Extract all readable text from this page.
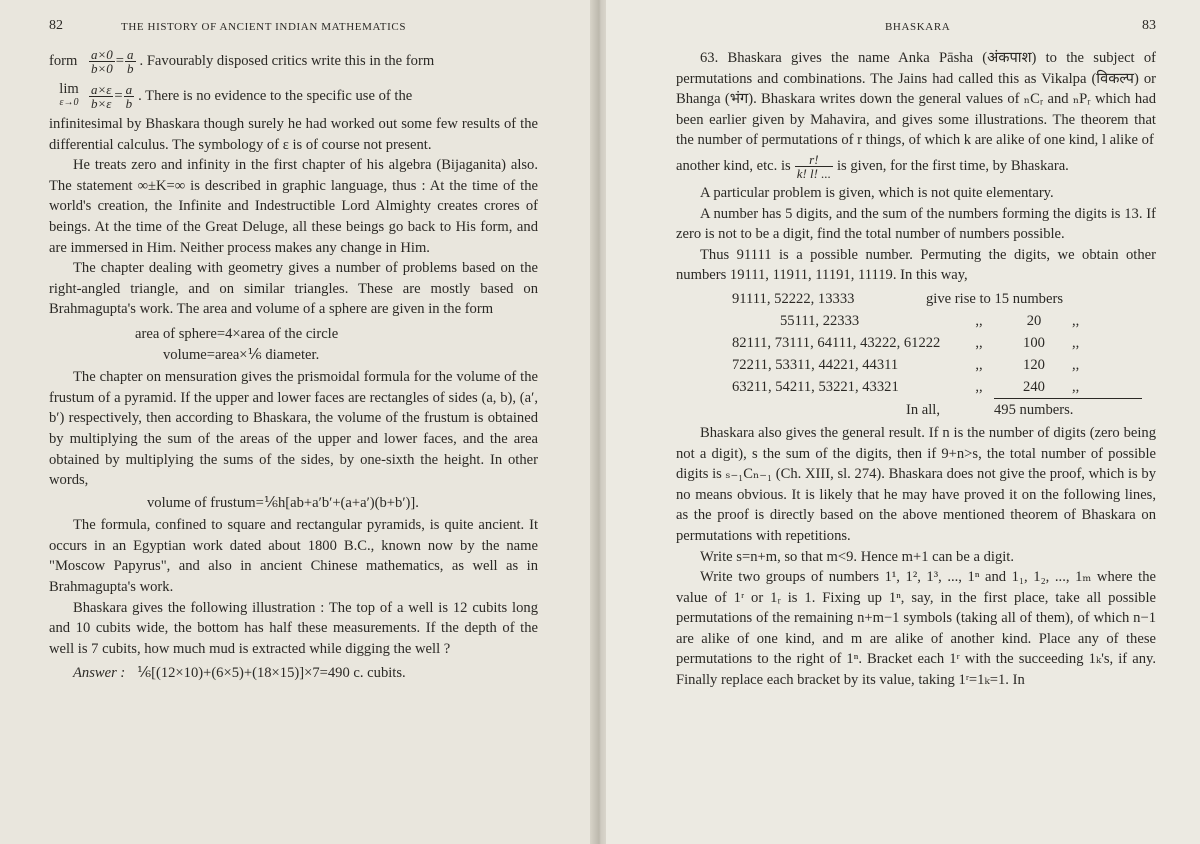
82	THE HISTORY OF ANCIENT INDIAN MATHEMATICS
form $\frac{a\times 0}{b\times 0} = \frac{a}{b}$ . Favourably disposed critics write this in the form
lim
$\varepsilon\to 0 \frac{a\times\varepsilon}{b\times\varepsilon} = \frac{a}{b}$ . There is no evidence to the specific use of the

infinitesimal by Bhaskara though surely he had worked out some few results of the differential calculus. The symbology of ε is of course not present.

He treats zero and infinity in the first chapter of his algebra (Bijaganita) also. The statement ∞±K=∞ is described in graphic language, thus : At the time of the world's creation, the Infinite and Indestructible Lord Almighty creates crores of beings. At the time of the Great Deluge, all these beings go back to His form, and are immersed in Him. Neither process makes any change in Him.

The chapter dealing with geometry gives a number of problems based on the right-angled triangle, and on similar triangles. These are mostly based on Brahmagupta's work. The area and volume of a sphere are given in the form

area of sphere=4×area of the circle
volume=area×⅙ diameter.

The chapter on mensuration gives the prismoidal formula for the volume of the frustum of a pyramid. If the upper and lower faces are rectangles of sides (a, b), (a′, b′) respectively, then according to Bhaskara, the volume of the frustum is obtained by multiplying the sum of the areas of the upper and lower faces, and the area obtained by multiplying the sums of the sides, by one-sixth the height. In other words,

volume of frustum=⅙h[ab+a′b′+(a+a′)(b+b′)].

The formula, confined to square and rectangular pyramids, is quite ancient. It occurs in an Egyptian work dated about 1800 B.C., known now by the name "Moscow Papyrus", and also in ancient Chinese mathematics, as well as in Brahmagupta's work.

Bhaskara gives the following illustration : The top of a well is 12 cubits long and 10 cubits wide, the bottom has half these measurements. If the depth of the well is 7 cubits, how much mud is extracted while digging the well ?

Answer : ⅙[(12×10)+(6×5)+(18×15)]×7=490 c. cubits.
BHASKARA	83

63. Bhaskara gives the name Anka Pāsha (अंकपाश) to the subject of permutations and combinations. The Jains had called this as Vikalpa (विकल्प) or Bhanga (भंग). Bhaskara writes down the general values of ₙCᵣ and ₙPᵣ which had been earlier given by Mahavira, and gives some illustrations. The theorem that the number of permutations of r things, of which k are alike of one kind, l alike of

another kind, etc. is $\frac{r!}{k! l! ...}$ is given, for the first time, by Bhaskara.

A particular problem is given, which is not quite elementary.

A number has 5 digits, and the sum of the numbers forming the digits is 13. If zero is not to be a digit, find the total number of numbers possible.

Thus 91111 is a possible number. Permuting the digits, we obtain other numbers 19111, 11911, 11191, 11119. In this way,

91111, 52222, 13333	give rise to 15 numbers
55111, 22333	,,	20	,,
82111, 73111, 64111, 43222, 61222	,,	100	,,
72211, 53311, 44221, 44311	,,	120	,,
63211, 54211, 53221, 43321	,,	240	,,
In all,	495 numbers.

Bhaskara also gives the general result. If n is the number of digits (zero being not a digit), s the sum of the digits, then if 9+n>s, the total number of possible digits is ₛ₋₁Cₙ₋₁ (Ch. XIII, sl. 274). Bhaskara does not give the proof, which is by no means obvious. It is likely that he may have proved it on the following lines, as the proof is directly based on the above mentioned theorem of Bhaskara on permutations with repetitions.

Write s=n+m, so that m<9. Hence m+1 can be a digit.

Write two groups of numbers 1¹, 1², 1³, ..., 1ⁿ and 1₁, 1₂, ..., 1ₘ where the value of 1ʳ or 1ᵣ is 1. Fixing up 1ⁿ, say, in the first place, take all possible permutations of the remaining n+m−1 symbols (taking all of them), of which n−1 are alike of one kind, and m are alike of another kind. Place any of these permutations to the right of 1ⁿ. Bracket each 1ʳ with the succeeding 1ₖ's, if any. Finally replace each bracket by its value, taking 1ʳ=1ₖ=1. In
